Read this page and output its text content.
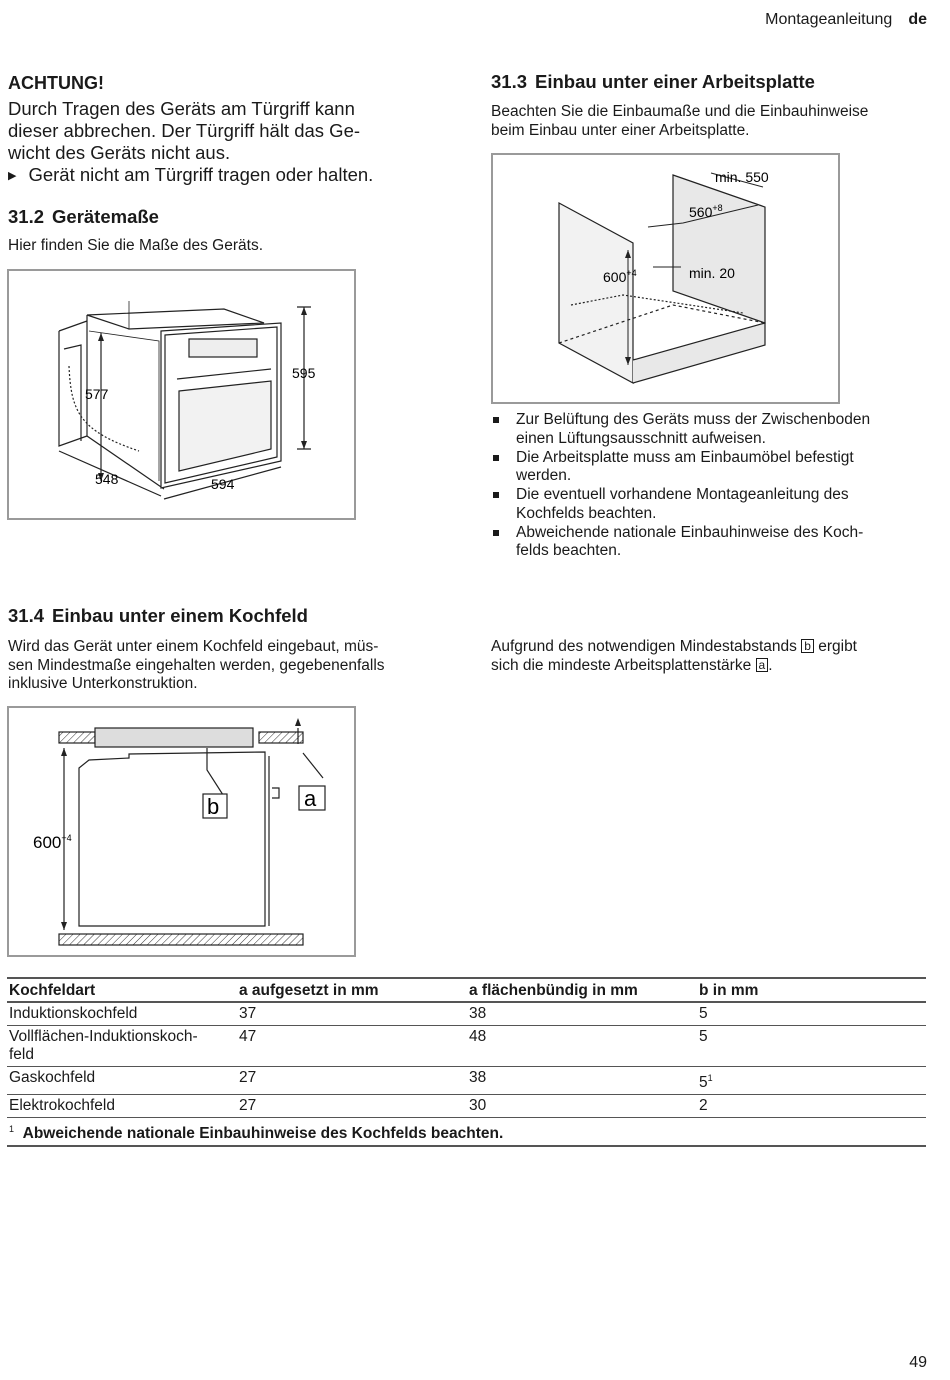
Montageanleitung de
ACHTUNG!
Durch Tragen des Geräts am Türgriff kann
dieser abbrechen. Der Türgriff hält das Ge-
wicht des Geräts nicht aus.
▶ Gerät nicht am Türgriff tragen oder halten.
31.2 Gerätemaße
Hier finden Sie die Maße des Geräts.
595
577
548	594
31.3 Einbau unter einer Arbeitsplatte
Beachten Sie die Einbaumaße und die Einbauhinweise
beim Einbau unter einer Arbeitsplatte.
min. 550
$560^{+8}$
$600^{+4}$	min. 20
Zur Belüftung des Geräts muss der Zwischenboden
einen Lüftungsausschnitt aufweisen.
Die Arbeitsplatte muss am Einbaumöbel befestigt
werden.
Die eventuell vorhandene Montageanleitung des
Kochfelds beachten.
Abweichende nationale Einbauhinweise des Koch-
felds beachten.
31.4 Einbau unter einem Kochfeld
Wird das Gerät unter einem Kochfeld eingebaut, müs-
sen Mindestmaße eingehalten werden, gegebenenfalls
inklusive Unterkonstruktion.
Aufgrund des notwendigen Mindestabstands b ergibt
sich die mindeste Arbeitsplattenstärke a .
b	a
$600^{+4}$
Kochfeldart	a aufgesetzt in mm	a flächenbündig in mm	b in mm
Induktionskochfeld	37	38	5

Vollflächen-Induktionskoch-
feld	47	48	5
Gaskochfeld	27	38	$5^1$
Elektrokochfeld	27	30	2
$^1$ Abweichende nationale Einbauhinweise des Kochfelds beachten.			
49
